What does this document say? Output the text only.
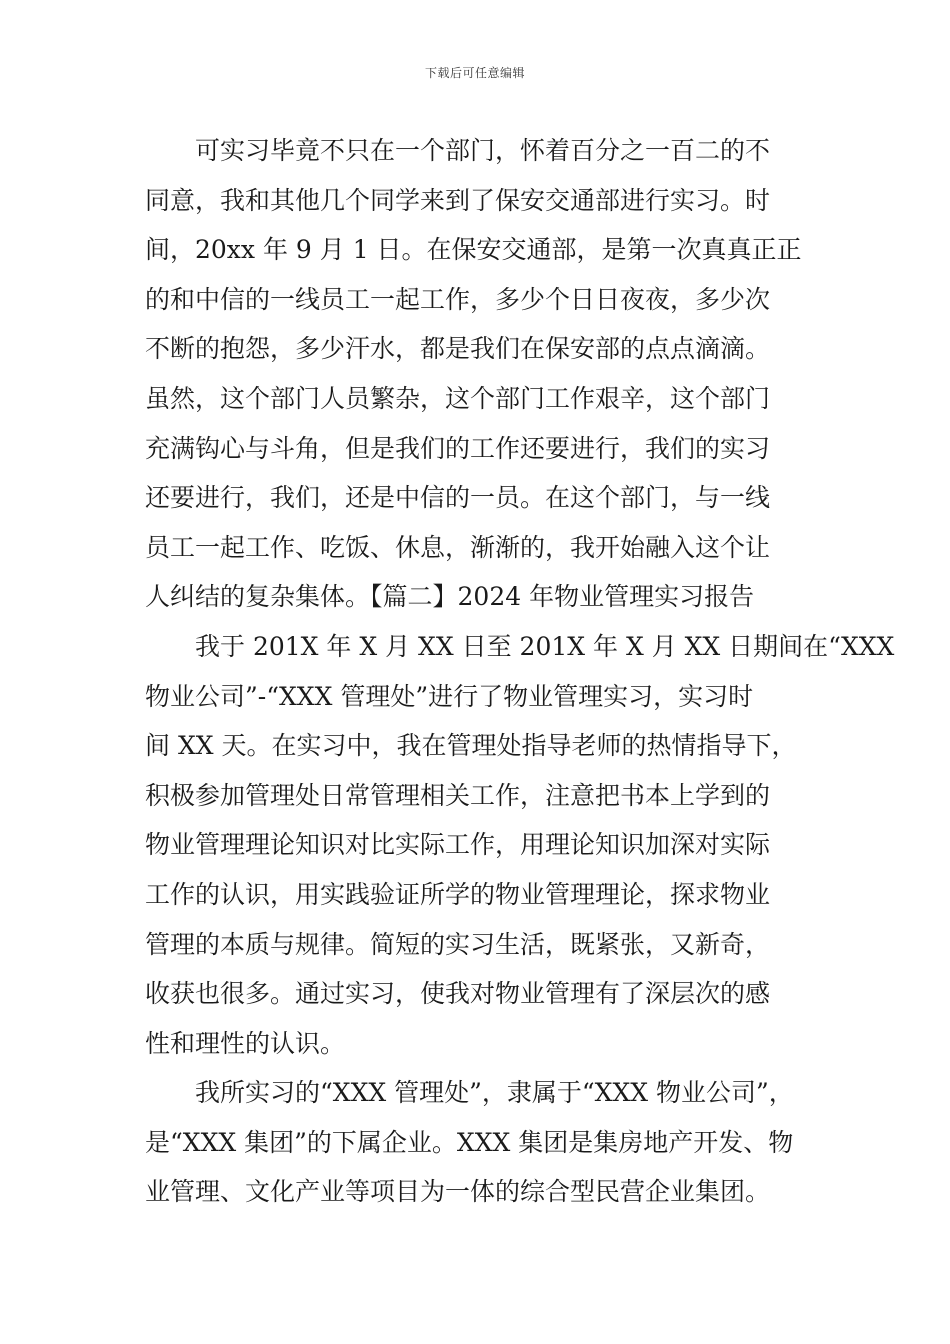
下载后可任意编辑
可实习毕竟不只在一个部门，怀着百分之一百二的不
同意，我和其他几个同学来到了保安交通部进行实习。时
间，20xx 年 9 月 1 日。在保安交通部，是第一次真真正正
的和中信的一线员工一起工作，多少个日日夜夜，多少次
不断的抱怨，多少汗水，都是我们在保安部的点点滴滴。
虽然，这个部门人员繁杂，这个部门工作艰辛，这个部门
充满钩心与斗角，但是我们的工作还要进行，我们的实习
还要进行，我们，还是中信的一员。在这个部门，与一线
员工一起工作、吃饭、休息，渐渐的，我开始融入这个让
人纠结的复杂集体。【篇二】2024 年物业管理实习报告
我于 201X 年 X 月 XX 日至 201X 年 X 月 XX 日期间在“XXX
物业公司”-“XXX 管理处”进行了物业管理实习，实习时
间 XX 天。在实习中，我在管理处指导老师的热情指导下，
积极参加管理处日常管理相关工作，注意把书本上学到的
物业管理理论知识对比实际工作，用理论知识加深对实际
工作的认识，用实践验证所学的物业管理理论，探求物业
管理的本质与规律。简短的实习生活，既紧张，又新奇，
收获也很多。通过实习，使我对物业管理有了深层次的感
性和理性的认识。
我所实习的“XXX 管理处”，隶属于“XXX 物业公司”，
是“XXX 集团”的下属企业。XXX 集团是集房地产开发、物
业管理、文化产业等项目为一体的综合型民营企业集团。
